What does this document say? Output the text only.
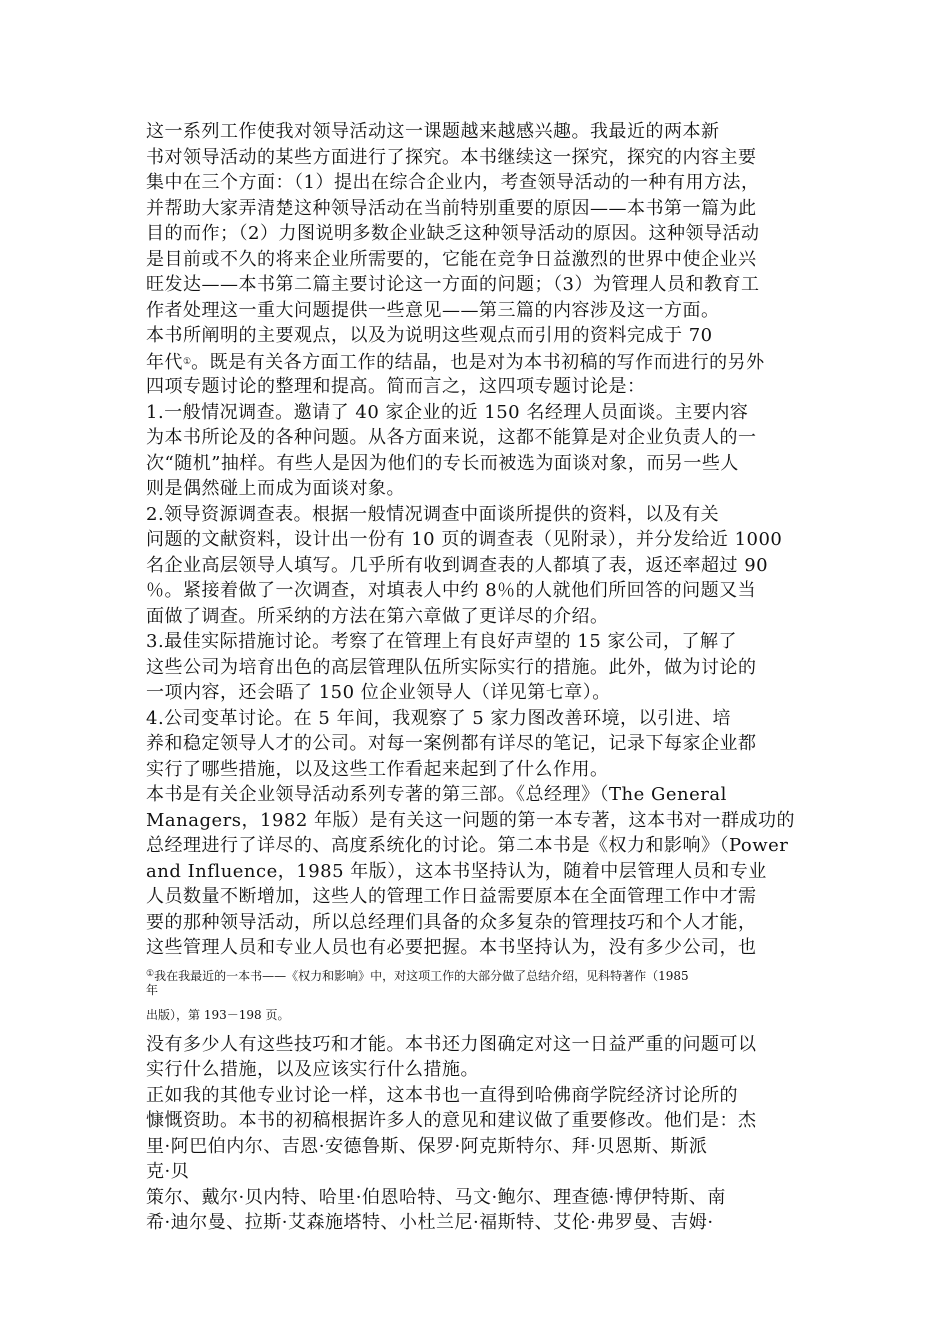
这一系列工作使我对领导活动这一课题越来越感兴趣。我最近的两本新

书对领导活动的某些方面进行了探究。本书继续这一探究，探究的内容主要

集中在三个方面：（1）提出在综合企业内，考查领导活动的一种有用方法，

并帮助大家弄清楚这种领导活动在当前特别重要的原因——本书第一篇为此

目的而作；（2）力图说明多数企业缺乏这种领导活动的原因。这种领导活动

是目前或不久的将来企业所需要的，它能在竞争日益激烈的世界中使企业兴

旺发达——本书第二篇主要讨论这一方面的问题；（3）为管理人员和教育工

作者处理这一重大问题提供一些意见——第三篇的内容涉及这一方面。

本书所阐明的主要观点，以及为说明这些观点而引用的资料完成于 70

年代①。既是有关各方面工作的结晶，也是对为本书初稿的写作而进行的另外

四项专题讨论的整理和提高。简而言之，这四项专题讨论是：

1.一般情况调查。邀请了 40 家企业的近 150 名经理人员面谈。主要内容

为本书所论及的各种问题。从各方面来说，这都不能算是对企业负责人的一

次“随机”抽样。有些人是因为他们的专长而被选为面谈对象，而另一些人

则是偶然碰上而成为面谈对象。

2.领导资源调查表。根据一般情况调查中面谈所提供的资料，以及有关

问题的文献资料，设计出一份有 10 页的调查表（见附录），并分发给近 1000

名企业高层领导人填写。几乎所有收到调查表的人都填了表，返还率超过 90

％。紧接着做了一次调查，对填表人中约 8％的人就他们所回答的问题又当

面做了调查。所采纳的方法在第六章做了更详尽的介绍。

3.最佳实际措施讨论。考察了在管理上有良好声望的 15 家公司，了解了

这些公司为培育出色的高层管理队伍所实际实行的措施。此外，做为讨论的

一项内容，还会晤了 150 位企业领导人（详见第七章）。

4.公司变革讨论。在 5 年间，我观察了 5 家力图改善环境，以引进、培

养和稳定领导人才的公司。对每一案例都有详尽的笔记，记录下每家企业都

实行了哪些措施，以及这些工作看起来起到了什么作用。

本书是有关企业领导活动系列专著的第三部。《总经理》（The General

Managers，1982 年版）是有关这一问题的第一本专著，这本书对一群成功的

总经理进行了详尽的、高度系统化的讨论。第二本书是《权力和影响》（Power

and Influence，1985 年版），这本书坚持认为，随着中层管理人员和专业

人员数量不断增加，这些人的管理工作日益需要原本在全面管理工作中才需

要的那种领导活动，所以总经理们具备的众多复杂的管理技巧和个人才能，

这些管理人员和专业人员也有必要把握。本书坚持认为，没有多少公司，也

①我在我最近的一本书——《权力和影响》中，对这项工作的大部分做了总结介绍，见科特著作（1985

年

出版），第 193－198 页。

没有多少人有这些技巧和才能。本书还力图确定对这一日益严重的问题可以

实行什么措施，以及应该实行什么措施。

正如我的其他专业讨论一样，这本书也一直得到哈佛商学院经济讨论所的

慷慨资助。本书的初稿根据许多人的意见和建议做了重要修改。他们是：杰

里·阿巴伯内尔、吉恩·安德鲁斯、保罗·阿克斯特尔、拜·贝恩斯、斯派

克·贝

策尔、戴尔·贝内特、哈里·伯恩哈特、马文·鲍尔、理查德·博伊特斯、南

希·迪尔曼、拉斯·艾森施塔特、小杜兰尼·福斯特、艾伦·弗罗曼、吉姆·
